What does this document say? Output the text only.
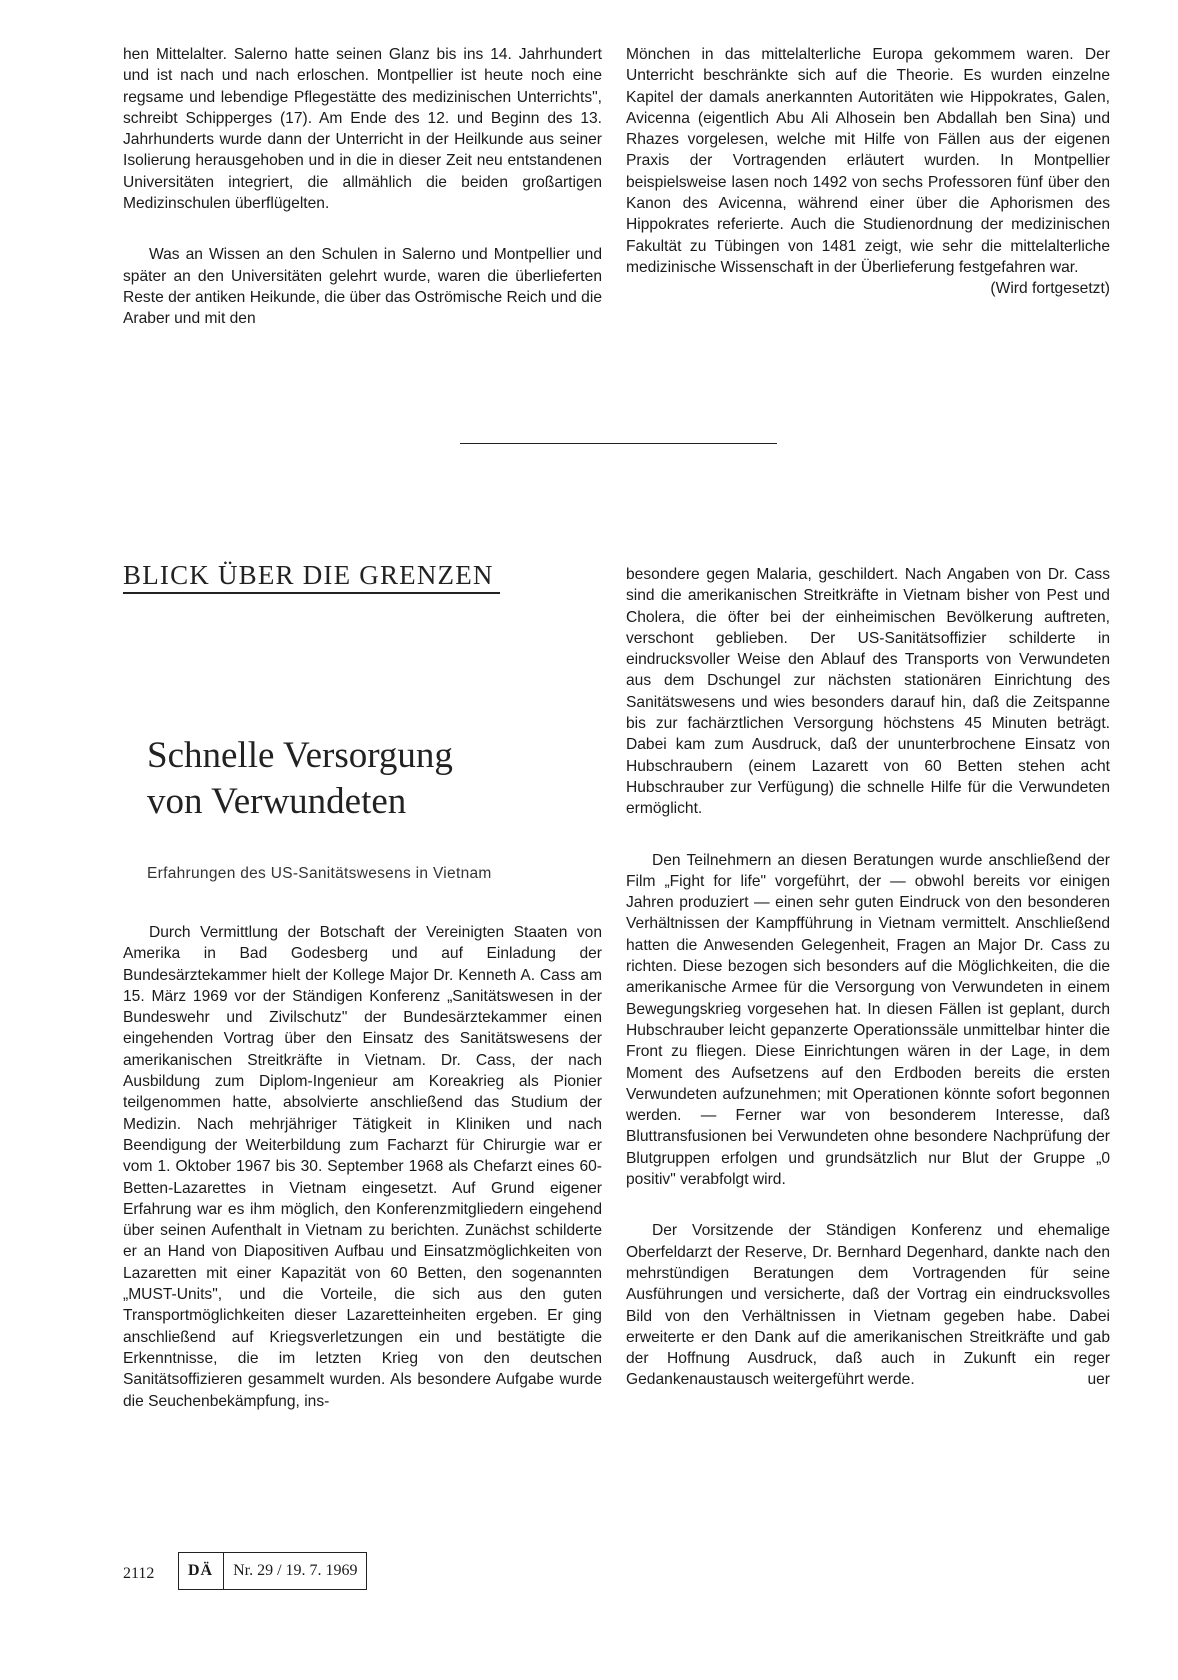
hen Mittelalter. Salerno hatte seinen Glanz bis ins 14. Jahrhundert und ist nach und nach erloschen. Montpellier ist heute noch eine regsame und lebendige Pflegestätte des medizinischen Unterrichts", schreibt Schipperges (17). Am Ende des 12. und Beginn des 13. Jahrhunderts wurde dann der Unterricht in der Heilkunde aus seiner Isolierung herausgehoben und in die in dieser Zeit neu entstandenen Universitäten integriert, die allmählich die beiden großartigen Medizinschulen überflügelten.

Was an Wissen an den Schulen in Salerno und Montpellier und später an den Universitäten gelehrt wurde, waren die überlieferten Reste der antiken Heikunde, die über das Oströmische Reich und die Araber und mit den

Mönchen in das mittelalterliche Europa gekommem waren. Der Unterricht beschränkte sich auf die Theorie. Es wurden einzelne Kapitel der damals anerkannten Autoritäten wie Hippokrates, Galen, Avicenna (eigentlich Abu Ali Alhosein ben Abdallah ben Sina) und Rhazes vorgelesen, welche mit Hilfe von Fällen aus der eigenen Praxis der Vortragenden erläutert wurden. In Montpellier beispielsweise lasen noch 1492 von sechs Professoren fünf über den Kanon des Avicenna, während einer über die Aphorismen des Hippokrates referierte. Auch die Studienordnung der medizinischen Fakultät zu Tübingen von 1481 zeigt, wie sehr die mittelalterliche medizinische Wissenschaft in der Überlieferung festgefahren war.

(Wird fortgesetzt)

BLICK ÜBER DIE GRENZEN
Schnelle Versorgung
von Verwundeten
Erfahrungen des US-Sanitätswesens in Vietnam

Durch Vermittlung der Botschaft der Vereinigten Staaten von Amerika in Bad Godesberg und auf Einladung der Bundesärztekammer hielt der Kollege Major Dr. Kenneth A. Cass am 15. März 1969 vor der Ständigen Konferenz „Sanitätswesen in der Bundeswehr und Zivilschutz" der Bundesärztekammer einen eingehenden Vortrag über den Einsatz des Sanitätswesens der amerikanischen Streitkräfte in Vietnam. Dr. Cass, der nach Ausbildung zum Diplom-Ingenieur am Koreakrieg als Pionier teilgenommen hatte, absolvierte anschließend das Studium der Medizin. Nach mehrjähriger Tätigkeit in Kliniken und nach Beendigung der Weiterbildung zum Facharzt für Chirurgie war er vom 1. Oktober 1967 bis 30. September 1968 als Chefarzt eines 60-Betten-Lazarettes in Vietnam eingesetzt. Auf Grund eigener Erfahrung war es ihm möglich, den Konferenzmitgliedern eingehend über seinen Aufenthalt in Vietnam zu berichten. Zunächst schilderte er an Hand von Diapositiven Aufbau und Einsatzmöglichkeiten von Lazaretten mit einer Kapazität von 60 Betten, den sogenannten „MUST-Units", und die Vorteile, die sich aus den guten Transportmöglichkeiten dieser Lazaretteinheiten ergeben. Er ging anschließend auf Kriegsverletzungen ein und bestätigte die Erkenntnisse, die im letzten Krieg von den deutschen Sanitätsoffizieren gesammelt wurden. Als besondere Aufgabe wurde die Seuchenbekämpfung, ins-

besondere gegen Malaria, geschildert. Nach Angaben von Dr. Cass sind die amerikanischen Streitkräfte in Vietnam bisher von Pest und Cholera, die öfter bei der einheimischen Bevölkerung auftreten, verschont geblieben. Der US-Sanitätsoffizier schilderte in eindrucksvoller Weise den Ablauf des Transports von Verwundeten aus dem Dschungel zur nächsten stationären Einrichtung des Sanitätswesens und wies besonders darauf hin, daß die Zeitspanne bis zur fachärztlichen Versorgung höchstens 45 Minuten beträgt. Dabei kam zum Ausdruck, daß der ununterbrochene Einsatz von Hubschraubern (einem Lazarett von 60 Betten stehen acht Hubschrauber zur Verfügung) die schnelle Hilfe für die Verwundeten ermöglicht.

Den Teilnehmern an diesen Beratungen wurde anschließend der Film „Fight for life" vorgeführt, der — obwohl bereits vor einigen Jahren produziert — einen sehr guten Eindruck von den besonderen Verhältnissen der Kampfführung in Vietnam vermittelt. Anschließend hatten die Anwesenden Gelegenheit, Fragen an Major Dr. Cass zu richten. Diese bezogen sich besonders auf die Möglichkeiten, die die amerikanische Armee für die Versorgung von Verwundeten in einem Bewegungskrieg vorgesehen hat. In diesen Fällen ist geplant, durch Hubschrauber leicht gepanzerte Operationssäle unmittelbar hinter die Front zu fliegen. Diese Einrichtungen wären in der Lage, in dem Moment des Aufsetzens auf den Erdboden bereits die ersten Verwundeten aufzunehmen; mit Operationen könnte sofort begonnen werden. — Ferner war von besonderem Interesse, daß Bluttransfusionen bei Verwundeten ohne besondere Nachprüfung der Blutgruppen erfolgen und grundsätzlich nur Blut der Gruppe „0 positiv" verabfolgt wird.

Der Vorsitzende der Ständigen Konferenz und ehemalige Oberfeldarzt der Reserve, Dr. Bernhard Degenhard, dankte nach den mehrstündigen Beratungen dem Vortragenden für seine Ausführungen und versicherte, daß der Vortrag ein eindrucksvolles Bild von den Verhältnissen in Vietnam gegeben habe. Dabei erweiterte er den Dank auf die amerikanischen Streitkräfte und gab der Hoffnung Ausdruck, daß auch in Zukunft ein reger Gedankenaustausch weitergeführt werde.	uer

2112	DÄ	Nr. 29 / 19. 7. 1969
